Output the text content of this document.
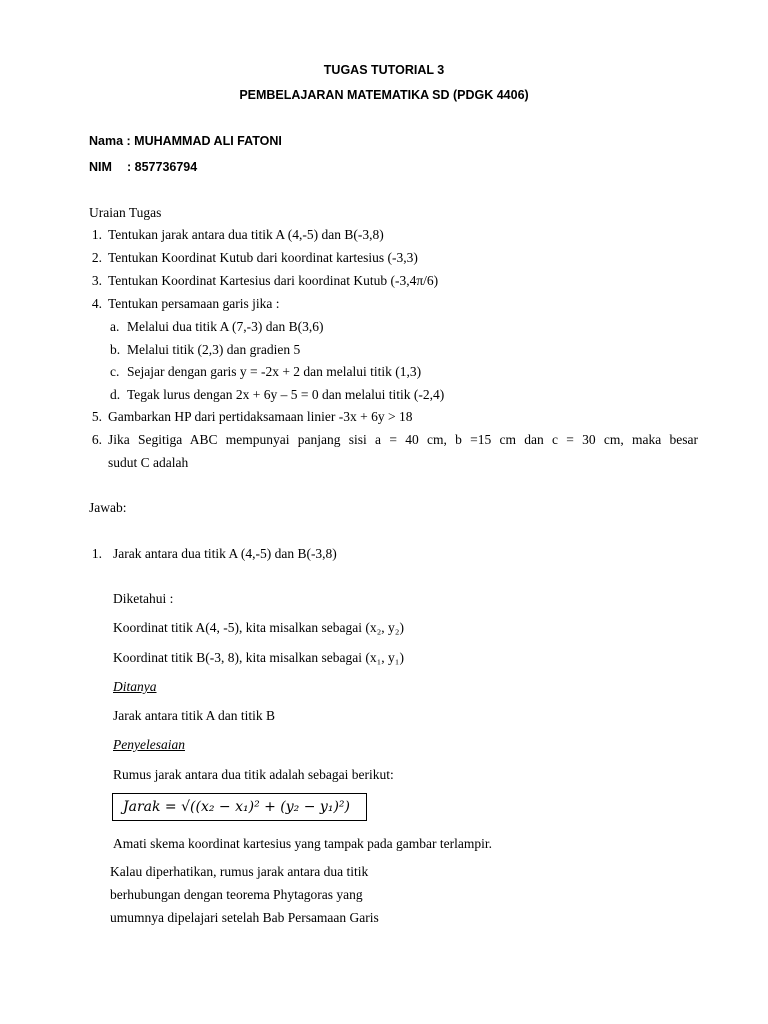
TUGAS TUTORIAL 3
PEMBELAJARAN MATEMATIKA SD (PDGK 4406)
Nama : MUHAMMAD ALI FATONI
NIM : 857736794
Uraian Tugas
1. Tentukan jarak antara dua titik A (4,-5) dan B(-3,8)
2. Tentukan Koordinat Kutub dari koordinat kartesius (-3,3)
3. Tentukan Koordinat Kartesius dari koordinat Kutub (-3,4π/6)
4. Tentukan persamaan garis jika :
a. Melalui dua titik A (7,-3) dan B(3,6)
b. Melalui titik (2,3) dan gradien 5
c. Sejajar dengan garis y = -2x + 2 dan melalui titik (1,3)
d. Tegak lurus dengan 2x + 6y – 5 = 0 dan melalui titik (-2,4)
5. Gambarkan HP dari pertidaksamaan linier -3x + 6y > 18
6. Jika Segitiga ABC mempunyai panjang sisi a = 40 cm, b =15 cm dan c = 30 cm, maka besar
sudut C adalah
Jawab:
1. Jarak antara dua titik A (4,-5) dan B(-3,8)
Diketahui :
Koordinat titik A(4, -5), kita misalkan sebagai (x₂, y₂)
Koordinat titik B(-3, 8), kita misalkan sebagai (x₁, y₁)
Ditanya
Jarak antara titik A dan titik B
Penyelesaian
Rumus jarak antara dua titik adalah sebagai berikut:
Jarak = √((x₂ − x₁)² + (y₂ − y₁)²)
Amati skema koordinat kartesius yang tampak pada gambar terlampir.
Kalau diperhatikan, rumus jarak antara dua titik
berhubungan dengan teorema Phytagoras yang
umumnya dipelajari setelah Bab Persamaan Garis
